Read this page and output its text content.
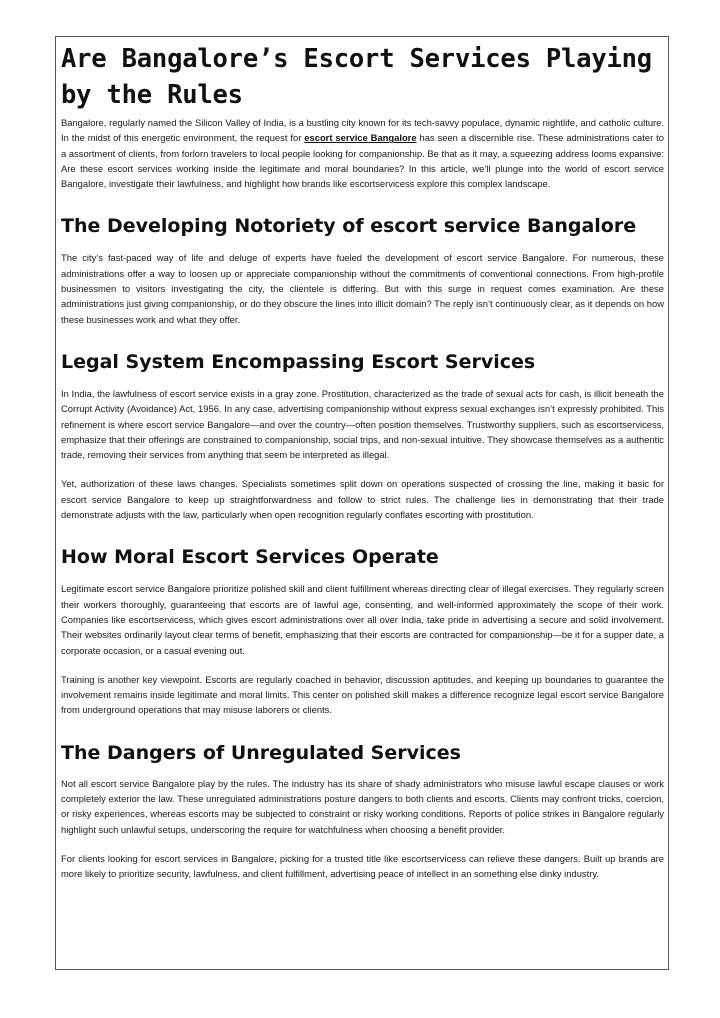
Are Bangalore’s Escort Services Playing by the Rules

Bangalore, regularly named the Silicon Valley of India, is a bustling city known for its tech-savvy populace, dynamic nightlife, and catholic culture. In the midst of this energetic environment, the request for escort service Bangalore has seen a discernible rise. These administrations cater to a assortment of clients, from forlorn travelers to local people looking for companionship. Be that as it may, a squeezing address looms expansive: Are these escort services working inside the legitimate and moral boundaries? In this article, we’ll plunge into the world of escort service Bangalore, investigate their lawfulness, and highlight how brands like escortservicess explore this complex landscape.

The Developing Notoriety of escort service Bangalore

The city’s fast-paced way of life and deluge of experts have fueled the development of escort service Bangalore. For numerous, these administrations offer a way to loosen up or appreciate companionship without the commitments of conventional connections. From high-profile businessmen to visitors investigating the city, the clientele is differing. But with this surge in request comes examination. Are these administrations just giving companionship, or do they obscure the lines into illicit domain? The reply isn’t continuously clear, as it depends on how these businesses work and what they offer.

Legal System Encompassing Escort Services

In India, the lawfulness of escort service exists in a gray zone. Prostitution, characterized as the trade of sexual acts for cash, is illicit beneath the Corrupt Activity (Avoidance) Act, 1956. In any case, advertising companionship without express sexual exchanges isn’t expressly prohibited. This refinement is where escort service Bangalore—and over the country—often position themselves. Trustworthy suppliers, such as escortservicess, emphasize that their offerings are constrained to companionship, social trips, and non-sexual intuitive. They showcase themselves as a authentic trade, removing their services from anything that seem be interpreted as illegal.

Yet, authorization of these laws changes. Specialists sometimes split down on operations suspected of crossing the line, making it basic for escort service Bangalore to keep up straightforwardness and follow to strict rules. The challenge lies in demonstrating that their trade demonstrate adjusts with the law, particularly when open recognition regularly conflates escorting with prostitution.

How Moral Escort Services Operate

Legitimate escort service Bangalore prioritize polished skill and client fulfillment whereas directing clear of illegal exercises. They regularly screen their workers thoroughly, guaranteeing that escorts are of lawful age, consenting, and well-informed approximately the scope of their work. Companies like escortservicess, which gives escort administrations over all over India, take pride in advertising a secure and solid involvement. Their websites ordinarily layout clear terms of benefit, emphasizing that their escorts are contracted for companionship—be it for a supper date, a corporate occasion, or a casual evening out.

Training is another key viewpoint. Escorts are regularly coached in behavior, discussion aptitudes, and keeping up boundaries to guarantee the involvement remains inside legitimate and moral limits. This center on polished skill makes a difference recognize legal escort service Bangalore from underground operations that may misuse laborers or clients.

The Dangers of Unregulated Services

Not all escort service Bangalore play by the rules. The industry has its share of shady administrators who misuse lawful escape clauses or work completely exterior the law. These unregulated administrations posture dangers to both clients and escorts. Clients may confront tricks, coercion, or risky experiences, whereas escorts may be subjected to constraint or risky working conditions. Reports of police strikes in Bangalore regularly highlight such unlawful setups, underscoring the require for watchfulness when choosing a benefit provider.

For clients looking for escort services in Bangalore, picking for a trusted title like escortservicess can relieve these dangers. Built up brands are more likely to prioritize security, lawfulness, and client fulfillment, advertising peace of intellect in an something else dinky industry.
